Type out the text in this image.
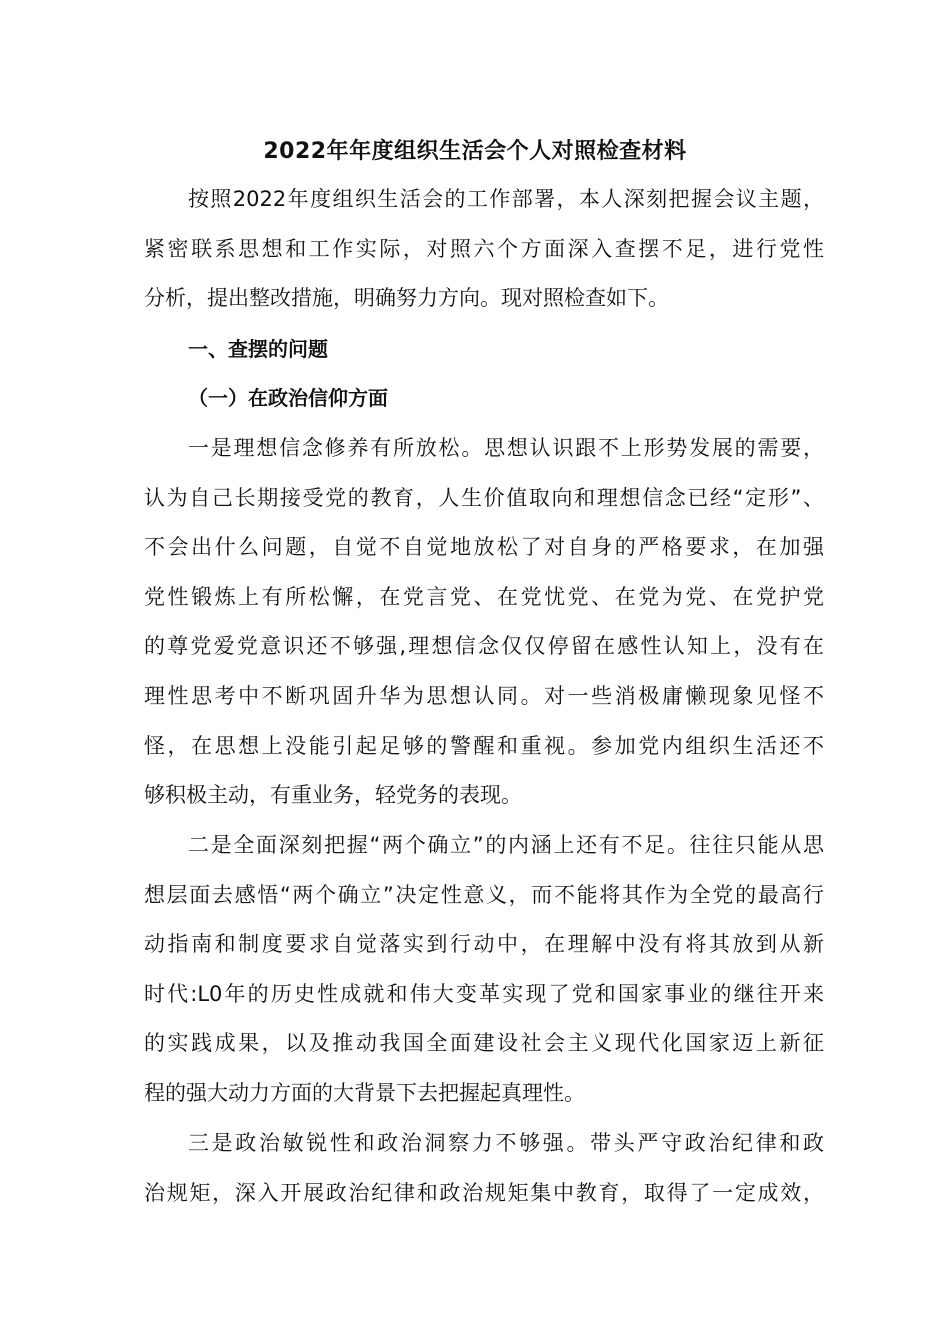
2022年年度组织生活会个人对照检查材料
按照2022年度组织生活会的工作部署，本人深刻把握会议主题，
紧密联系思想和工作实际，对照六个方面深入查摆不足，进行党性
分析，提出整改措施，明确努力方向。现对照检查如下。
一、查摆的问题
（一）在政治信仰方面
一是理想信念修养有所放松。思想认识跟不上形势发展的需要，
认为自己长期接受党的教育，人生价值取向和理想信念已经“定形”、
不会出什么问题，自觉不自觉地放松了对自身的严格要求，在加强
党性锻炼上有所松懈，在党言党、在党忧党、在党为党、在党护党
的尊党爱党意识还不够强,理想信念仅仅停留在感性认知上，没有在
理性思考中不断巩固升华为思想认同。对一些消极庸懒现象见怪不
怪，在思想上没能引起足够的警醒和重视。参加党内组织生活还不
够积极主动，有重业务，轻党务的表现。
二是全面深刻把握“两个确立”的内涵上还有不足。往往只能从思
想层面去感悟“两个确立”决定性意义，而不能将其作为全党的最高行
动指南和制度要求自觉落实到行动中，在理解中没有将其放到从新
时代:L0年的历史性成就和伟大变革实现了党和国家事业的继往开来
的实践成果，以及推动我国全面建设社会主义现代化国家迈上新征
程的强大动力方面的大背景下去把握起真理性。
三是政治敏锐性和政治洞察力不够强。带头严守政治纪律和政
治规矩，深入开展政治纪律和政治规矩集中教育，取得了一定成效，
